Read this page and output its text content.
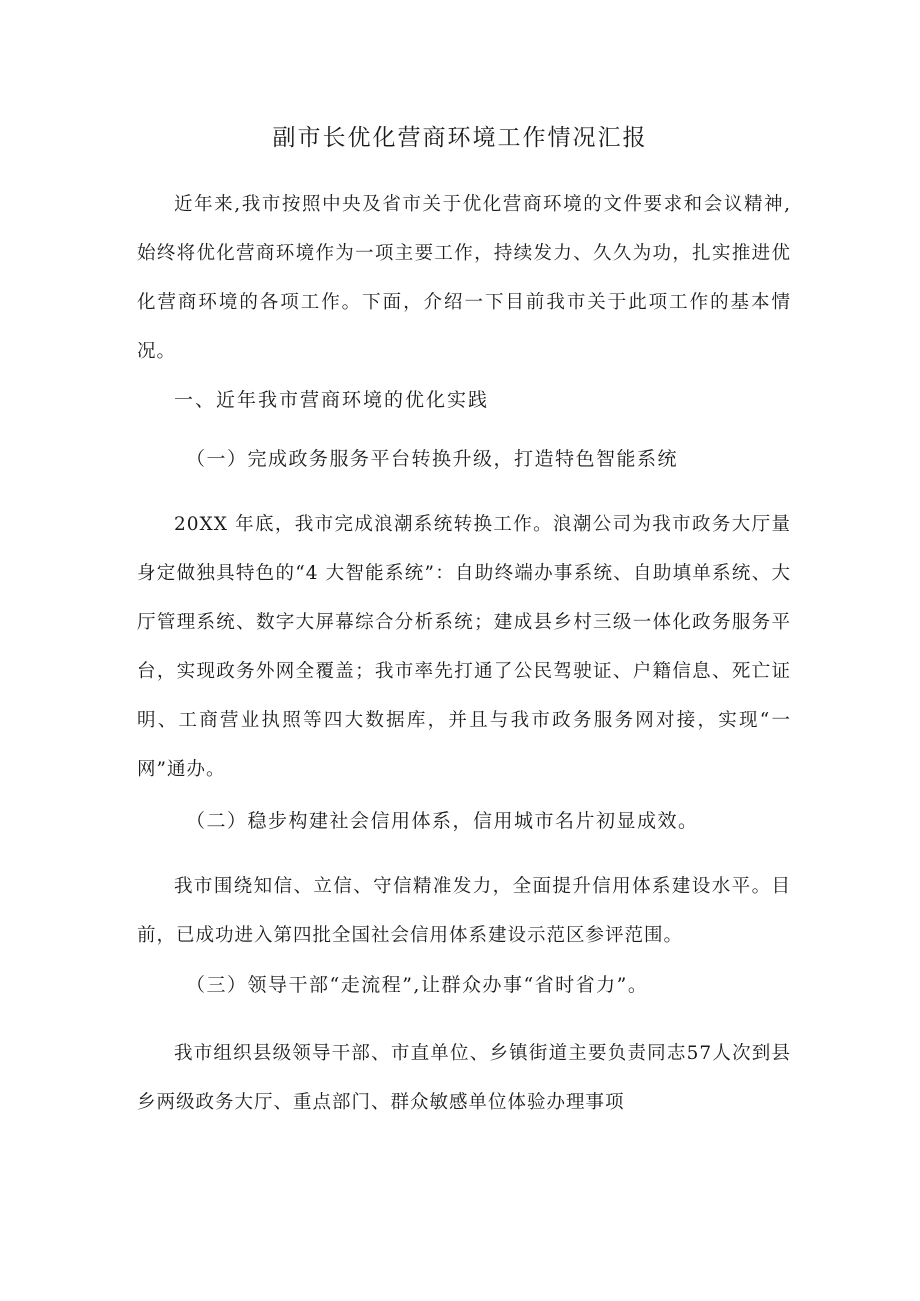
副市长优化营商环境工作情况汇报

近年来,我市按照中央及省市关于优化营商环境的文件要求和会议精神,始终将优化营商环境作为一项主要工作，持续发力、久久为功，扎实推进优化营商环境的各项工作。下面，介绍一下目前我市关于此项工作的基本情况。

一、近年我市营商环境的优化实践
（一）完成政务服务平台转换升级，打造特色智能系统

20XX 年底，我市完成浪潮系统转换工作。浪潮公司为我市政务大厅量身定做独具特色的“4 大智能系统”：自助终端办事系统、自助填单系统、大厅管理系统、数字大屏幕综合分析系统；建成县乡村三级一体化政务服务平台，实现政务外网全覆盖；我市率先打通了公民驾驶证、户籍信息、死亡证明、工商营业执照等四大数据库，并且与我市政务服务网对接，实现“一网”通办。

（二）稳步构建社会信用体系，信用城市名片初显成效。

我市围绕知信、立信、守信精准发力，全面提升信用体系建设水平。目前，已成功进入第四批全国社会信用体系建设示范区参评范围。

（三）领导干部“走流程”,让群众办事“省时省力”。

我市组织县级领导干部、市直单位、乡镇街道主要负责同志57人次到县乡两级政务大厅、重点部门、群众敏感单位体验办理事项
